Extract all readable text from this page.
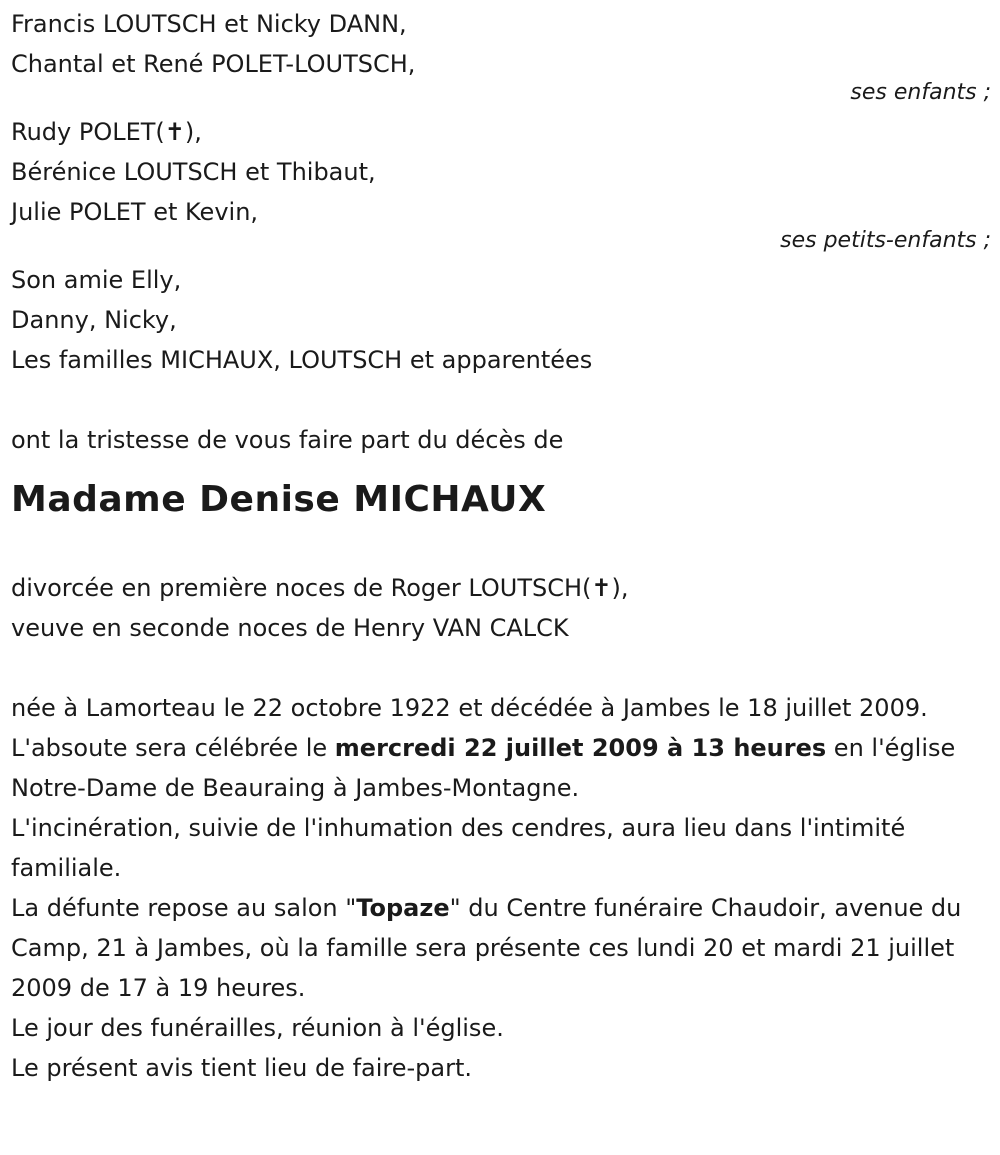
Francis LOUTSCH et Nicky DANN,
Chantal et René POLET-LOUTSCH,
ses enfants ;
Rudy POLET(✝),
Bérénice LOUTSCH et Thibaut,
Julie POLET et Kevin,
ses petits-enfants ;
Son amie Elly,
Danny, Nicky,
Les familles MICHAUX, LOUTSCH et apparentées
ont la tristesse de vous faire part du décès de
Madame Denise MICHAUX
divorcée en première noces de Roger LOUTSCH(✝),
veuve en seconde noces de Henry VAN CALCK
née à Lamorteau le 22 octobre 1922 et décédée à Jambes le 18 juillet 2009.
L'absoute sera célébrée le mercredi 22 juillet 2009 à 13 heures en l'église Notre-Dame de Beauraing à Jambes-Montagne.
L'incinération, suivie de l'inhumation des cendres, aura lieu dans l'intimité familiale.
La défunte repose au salon "Topaze" du Centre funéraire Chaudoir, avenue du Camp, 21 à Jambes, où la famille sera présente ces lundi 20 et mardi 21 juillet 2009 de 17 à 19 heures.
Le jour des funérailles, réunion à l'église.
Le présent avis tient lieu de faire-part.
